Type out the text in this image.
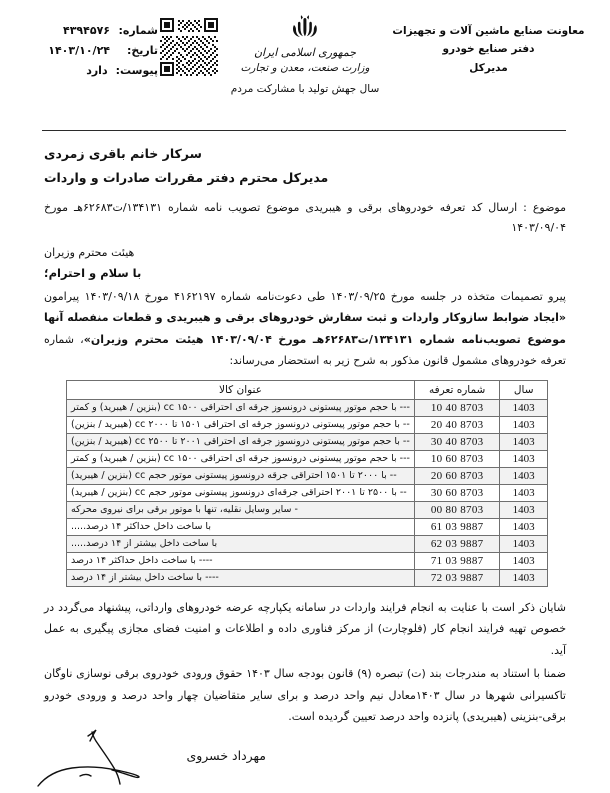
معاونت صنایع ماشین آلات و تجهیزات
دفتر صنایع خودرو
مدیرکل
جمهوری اسلامی ایران
وزارت صنعت، معدن و تجارت
سال جهش تولید با مشارکت مردم
شماره:
۴۳۹۴۵۷۶
تاریخ:
۱۴۰۳/۱۰/۲۴
پیوست:
دارد
سرکار خانم باقری زمردی
مدیرکل محترم دفتر مقررات صادرات و واردات
موضوع : ارسال کد تعرفه خودروهای برقی و هیبریدی موضوع تصویب نامه شماره ۱۳۴۱۳۱/ت۶۲۶۸۳هـ مورخ ۱۴۰۳/۰۹/۰۴
هیئت محترم وزیران
با سلام و احترام؛
پیرو تصمیمات متخذه در جلسه مورخ ۱۴۰۳/۰۹/۲۵ طی دعوت‌نامه شماره ۴۱۶۲۱۹۷ مورخ ۱۴۰۳/۰۹/۱۸ پیرامون «ایجاد ضوابط سازوکار واردات و ثبت سفارش خودروهای برقی و هیبریدی و قطعات منفصله آنها موضوع تصویب‌نامه شماره ۱۳۴۱۳۱/ت۶۲۶۸۳هـ مورخ ۱۴۰۳/۰۹/۰۴ هیئت محترم وزیران»، شماره تعرفه خودروهای مشمول قانون مذکور به شرح زیر به استحضار می‌رساند:
سال	شماره تعرفه	عنوان کالا
1403	8703 40 10	--- با حجم موتور پیستونی درونسوز جرقه ای احتراقی ۱۵۰۰ cc (بنزین / هیبرید) و کمتر
1403	8703 40 20	-- با حجم موتور پیستونی درونسوز جرقه ای احتراقی ۱۵۰۱ تا ۲۰۰۰ cc (هیبرید / بنزین)
1403	8703 40 30	-- با حجم موتور پیستونی درونسوز جرقه ای احتراقی ۲۰۰۱ تا ۲۵۰۰ cc (هیبرید / بنزین)
1403	8703 60 10	--- با حجم موتور پیستونی درونسوز جرقه ای احتراقی ۱۵۰۰ cc (بنزین / هیبرید) و کمتر
1403	8703 60 20	-- با ۲۰۰۰ تا ۱۵۰۱ احتراقی جرقه درونسوز پیستونی موتور حجم cc (بنزین / هیبرید)
1403	8703 60 30	-- با ۲۵۰۰ تا ۲۰۰۱ احتراقی جرقه‌ای درونسوز پیستونی موتور حجم cc (بنزین / هیبرید)
1403	8703 80 00	- سایر وسایل نقلیه، تنها با موتور برقی برای نیروی محرکه
1403	9887 03 61	با ساخت داخل حداکثر ۱۴ درصد.....
1403	9887 03 62	با ساخت داخل بیشتر از ۱۴ درصد.....
1403	9887 03 71	---- با ساخت داخل حداکثر ۱۴ درصد
1403	9887 03 72	---- با ساخت داخل بیشتر از ۱۴ درصد
شایان ذکر است با عنایت به انجام فرایند واردات در سامانه یکپارچه عرضه خودروهای وارداتی، پیشنهاد می‌گردد در خصوص تهیه فرایند انجام کار (فلوچارت) از مرکز فناوری داده و اطلاعات و امنیت فضای مجازی پیگیری به عمل آید.
ضمنا با استناد به مندرجات بند (ت) تبصره (۹) قانون بودجه سال ۱۴۰۳ حقوق ورودی خودروی برقی نوسازی ناوگان تاکسیرانی شهرها در سال ۱۴۰۳معادل نیم واحد درصد و برای سایر متقاضیان چهار واحد درصد و ورودی خودرو برقی-بنزینی (هیبریدی) پانزده واحد درصد تعیین گردیده است.
مهرداد خسروی
